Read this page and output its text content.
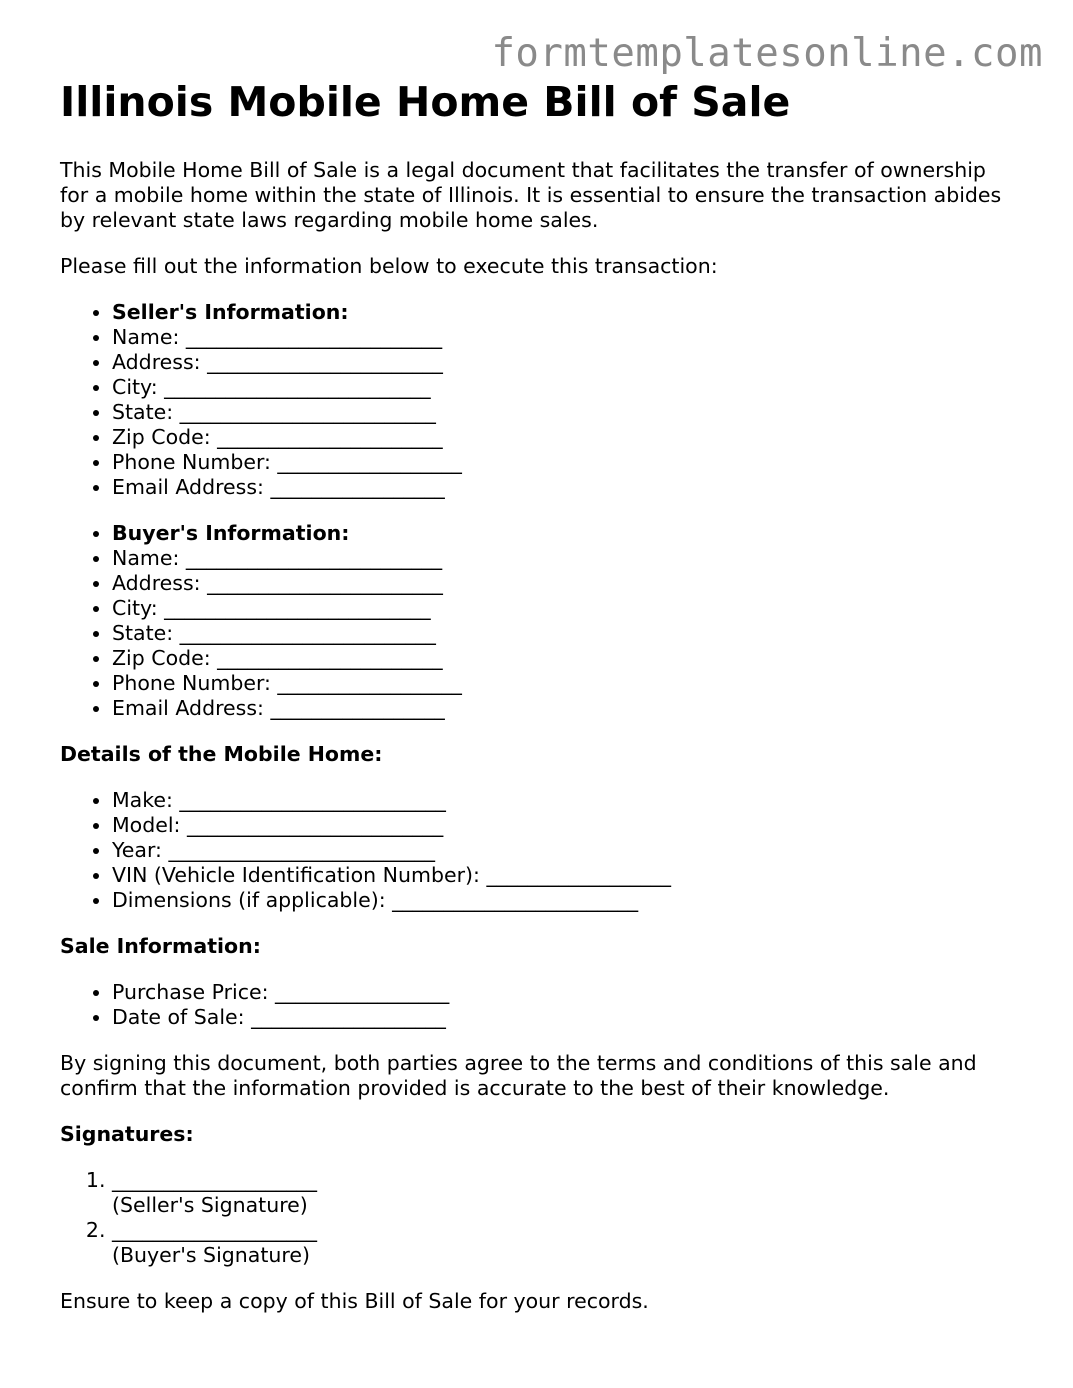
formtemplatesonline.com
Illinois Mobile Home Bill of Sale

This Mobile Home Bill of Sale is a legal document that facilitates the transfer of ownership for a mobile home within the state of Illinois. It is essential to ensure the transaction abides by relevant state laws regarding mobile home sales.

Please fill out the information below to execute this transaction:

• Seller's Information:
• Name: _________________________
• Address: _______________________
• City: __________________________
• State: _________________________
• Zip Code: ______________________
• Phone Number: __________________
• Email Address: _________________
• Buyer's Information:
• Name: _________________________
• Address: _______________________
• City: __________________________
• State: _________________________
• Zip Code: ______________________
• Phone Number: __________________
• Email Address: _________________

Details of the Mobile Home:

• Make: __________________________
• Model: _________________________
• Year: __________________________
• VIN (Vehicle Identification Number): __________________
• Dimensions (if applicable): ________________________

Sale Information:

• Purchase Price: _________________
• Date of Sale: ___________________

By signing this document, both parties agree to the terms and conditions of this sale and confirm that the information provided is accurate to the best of their knowledge.

Signatures:

1. ____________________
(Seller's Signature)
2. ____________________
(Buyer's Signature)

Ensure to keep a copy of this Bill of Sale for your records.
